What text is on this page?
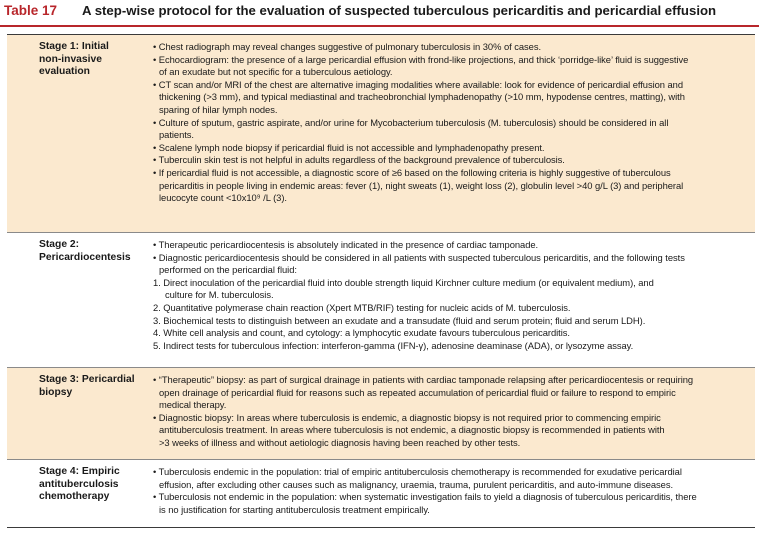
Table 17 A step-wise protocol for the evaluation of suspected tuberculous pericarditis and pericardial effusion
Stage 1: Initial
non-invasive
evaluation
• Chest radiograph may reveal changes suggestive of pulmonary tuberculosis in 30% of cases.
• Echocardiogram: the presence of a large pericardial effusion with frond-like projections, and thick ‘porridge-like’ fluid is suggestive
of an exudate but not specific for a tuberculous aetiology.
• CT scan and/or MRI of the chest are alternative imaging modalities where available: look for evidence of pericardial effusion and
thickening (>3 mm), and typical mediastinal and tracheobronchial lymphadenopathy (>10 mm, hypodense centres, matting), with
sparing of hilar lymph nodes.
• Culture of sputum, gastric aspirate, and/or urine for Mycobacterium tuberculosis (M. tuberculosis) should be considered in all
patients.
• Scalene lymph node biopsy if pericardial fluid is not accessible and lymphadenopathy present.
• Tuberculin skin test is not helpful in adults regardless of the background prevalence of tuberculosis.
• If pericardial fluid is not accessible, a diagnostic score of ≥6 based on the following criteria is highly suggestive of tuberculous
pericarditis in people living in endemic areas: fever (1), night sweats (1), weight loss (2), globulin level >40 g/L (3) and peripheral
leucocyte count <10x10⁹ /L (3).
Stage 2:
Pericardiocentesis
• Therapeutic pericardiocentesis is absolutely indicated in the presence of cardiac tamponade.
• Diagnostic pericardiocentesis should be considered in all patients with suspected tuberculous pericarditis, and the following tests
performed on the pericardial fluid:
1. Direct inoculation of the pericardial fluid into double strength liquid Kirchner culture medium (or equivalent medium), and
culture for M. tuberculosis.
2. Quantitative polymerase chain reaction (Xpert MTB/RIF) testing for nucleic acids of M. tuberculosis.
3. Biochemical tests to distinguish between an exudate and a transudate (fluid and serum protein; fluid and serum LDH).
4. White cell analysis and count, and cytology: a lymphocytic exudate favours tuberculous pericarditis.
5. Indirect tests for tuberculous infection: interferon-gamma (IFN-γ), adenosine deaminase (ADA), or lysozyme assay.
Stage 3: Pericardial
biopsy
• “Therapeutic” biopsy: as part of surgical drainage in patients with cardiac tamponade relapsing after pericardiocentesis or requiring
open drainage of pericardial fluid for reasons such as repeated accumulation of pericardial fluid or failure to respond to empiric
medical therapy.
• Diagnostic biopsy: In areas where tuberculosis is endemic, a diagnostic biopsy is not required prior to commencing empiric
antituberculosis treatment. In areas where tuberculosis is not endemic, a diagnostic biopsy is recommended in patients with
>3 weeks of illness and without aetiologic diagnosis having been reached by other tests.
Stage 4: Empiric
antituberculosis
chemotherapy
• Tuberculosis endemic in the population: trial of empiric antituberculosis chemotherapy is recommended for exudative pericardial
effusion, after excluding other causes such as malignancy, uraemia, trauma, purulent pericarditis, and auto-immune diseases.
• Tuberculosis not endemic in the population: when systematic investigation fails to yield a diagnosis of tuberculous pericarditis, there
is no justification for starting antituberculosis treatment empirically.
